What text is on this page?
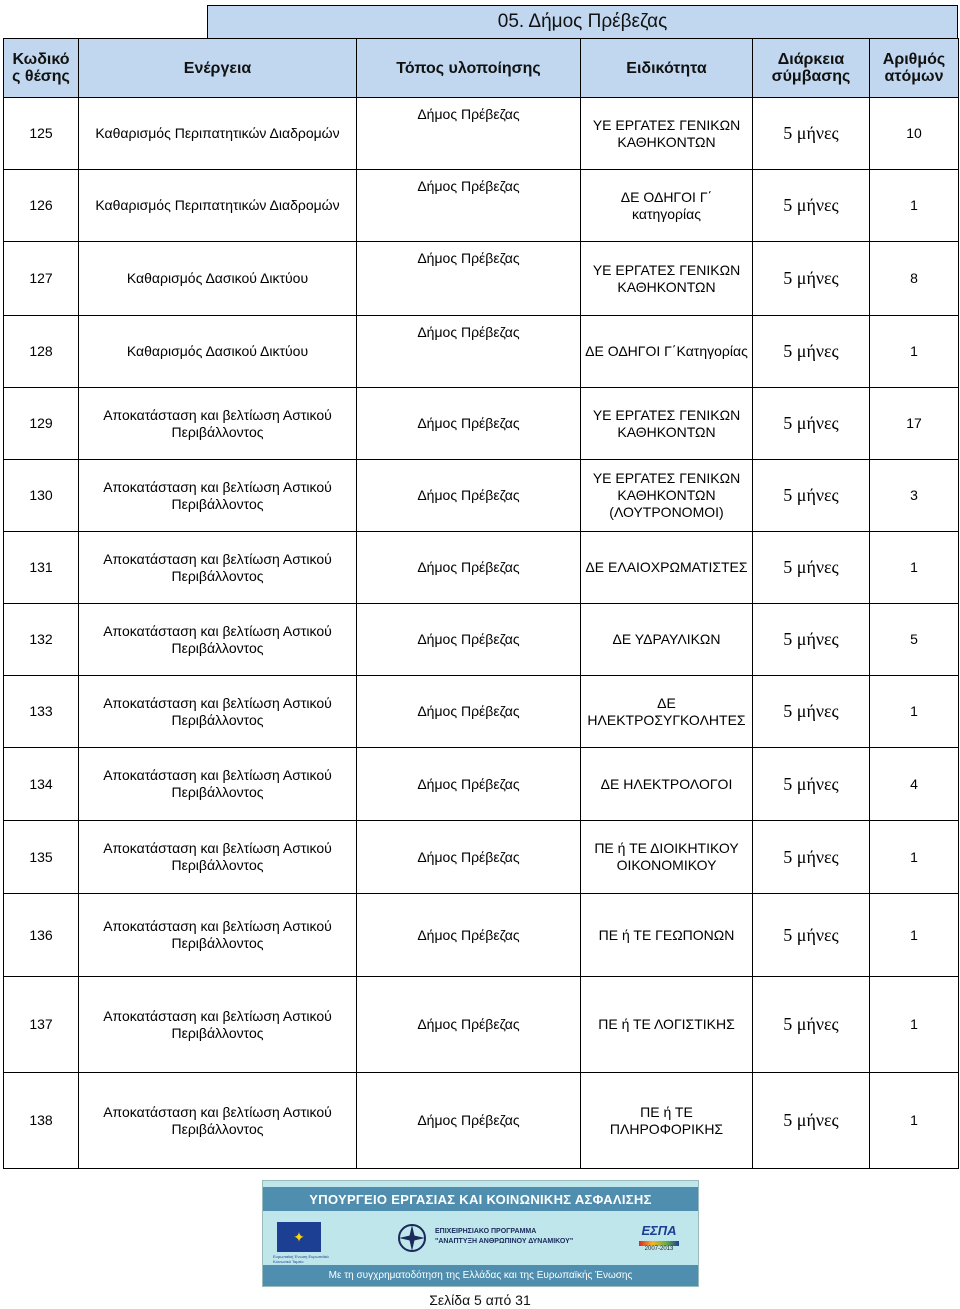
05. Δήμος Πρέβεζας
Κωδικό ς θέσης	Ενέργεια	Τόπος υλοποίησης	Ειδικότητα	Διάρκεια σύμβασης	Αριθμός ατόμων
125	Καθαρισμός Περιπατητικών Διαδρομών	Δήμος Πρέβεζας	ΥΕ ΕΡΓΑΤΕΣ ΓΕΝΙΚΩΝ ΚΑΘΗΚΟΝΤΩΝ	5 μήνες	10
126	Καθαρισμός Περιπατητικών Διαδρομών	Δήμος Πρέβεζας	ΔΕ ΟΔΗΓΟΙ Γ΄ κατηγορίας	5 μήνες	1
127	Καθαρισμός Δασικού Δικτύου	Δήμος Πρέβεζας	ΥΕ ΕΡΓΑΤΕΣ ΓΕΝΙΚΩΝ ΚΑΘΗΚΟΝΤΩΝ	5 μήνες	8
128	Καθαρισμός Δασικού Δικτύου	Δήμος Πρέβεζας	ΔΕ ΟΔΗΓΟΙ Γ΄Κατηγορίας	5 μήνες	1
129	Αποκατάσταση και βελτίωση Αστικού Περιβάλλοντος	Δήμος Πρέβεζας	ΥΕ ΕΡΓΑΤΕΣ ΓΕΝΙΚΩΝ ΚΑΘΗΚΟΝΤΩΝ	5 μήνες	17
130	Αποκατάσταση και βελτίωση Αστικού Περιβάλλοντος	Δήμος Πρέβεζας	ΥΕ ΕΡΓΑΤΕΣ ΓΕΝΙΚΩΝ ΚΑΘΗΚΟΝΤΩΝ (ΛΟΥΤΡΟΝΟΜΟΙ)	5 μήνες	3
131	Αποκατάσταση και βελτίωση Αστικού Περιβάλλοντος	Δήμος Πρέβεζας	ΔΕ ΕΛΑΙΟΧΡΩΜΑΤΙΣΤΕΣ	5 μήνες	1
132	Αποκατάσταση και βελτίωση Αστικού Περιβάλλοντος	Δήμος Πρέβεζας	ΔΕ ΥΔΡΑΥΛΙΚΩΝ	5 μήνες	5
133	Αποκατάσταση και βελτίωση Αστικού Περιβάλλοντος	Δήμος Πρέβεζας	ΔΕ ΗΛΕΚΤΡΟΣΥΓΚΟΛΗΤΕΣ	5 μήνες	1
134	Αποκατάσταση και βελτίωση Αστικού Περιβάλλοντος	Δήμος Πρέβεζας	ΔΕ ΗΛΕΚΤΡΟΛΟΓΟΙ	5 μήνες	4
135	Αποκατάσταση και βελτίωση Αστικού Περιβάλλοντος	Δήμος Πρέβεζας	ΠΕ ή ΤΕ ΔΙΟΙΚΗΤΙΚΟΥ ΟΙΚΟΝΟΜΙΚΟΥ	5 μήνες	1
136	Αποκατάσταση και βελτίωση Αστικού Περιβάλλοντος	Δήμος Πρέβεζας	ΠΕ ή ΤΕ ΓΕΩΠΟΝΩΝ	5 μήνες	1
137	Αποκατάσταση και βελτίωση Αστικού Περιβάλλοντος	Δήμος Πρέβεζας	ΠΕ ή ΤΕ ΛΟΓΙΣΤΙΚΗΣ	5 μήνες	1
138	Αποκατάσταση και βελτίωση Αστικού Περιβάλλοντος	Δήμος Πρέβεζας	ΠΕ ή ΤΕ ΠΛΗΡΟΦΟΡΙΚΗΣ	5 μήνες	1
ΥΠΟΥΡΓΕΙΟ ΕΡΓΑΣΙΑΣ ΚΑΙ ΚΟΙΝΩΝΙΚΗΣ ΑΣΦΑΛΙΣΗΣ
✦
Ευρωπαϊκή Ένωση Ευρωπαϊκό Κοινωνικό Ταμείο
ΕΠΙΧΕΙΡΗΣΙΑΚΟ ΠΡΟΓΡΑΜΜΑ
"ΑΝΑΠΤΥΞΗ ΑΝΘΡΩΠΙΝΟΥ ΔΥΝΑΜΙΚΟΥ"
ΕΣΠΑ
2007-2013
Με τη συγχρηματοδότηση της Ελλάδας και της Ευρωπαϊκής Ένωσης
Σελίδα 5 από 31
